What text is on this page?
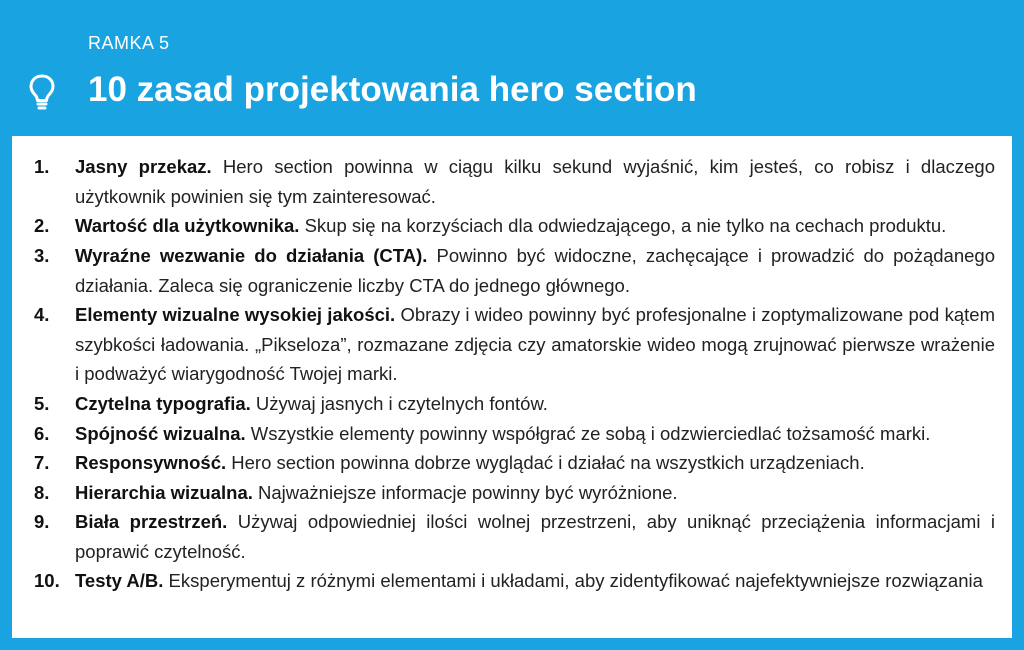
RAMKA 5
10 zasad projektowania hero section
1. Jasny przekaz. Hero section powinna w ciągu kilku sekund wyjaśnić, kim jesteś, co robisz i dlaczego użytkownik powinien się tym zainteresować.
2. Wartość dla użytkownika. Skup się na korzyściach dla odwiedzającego, a nie tylko na cechach produktu.
3. Wyraźne wezwanie do działania (CTA). Powinno być widoczne, zachęcające i prowadzić do pożądanego działania. Zaleca się ograniczenie liczby CTA do jednego głównego.
4. Elementy wizualne wysokiej jakości. Obrazy i wideo powinny być profesjonalne i zoptymalizowane pod kątem szybkości ładowania. „Pikseloza”, rozmazane zdjęcia czy amatorskie wideo mogą zrujnować pierwsze wrażenie i podważyć wiarygodność Twojej marki.
5. Czytelna typografia. Używaj jasnych i czytelnych fontów.
6. Spójność wizualna. Wszystkie elementy powinny współgrać ze sobą i odzwierciedlać tożsamość marki.
7. Responsywność. Hero section powinna dobrze wyglądać i działać na wszystkich urządzeniach.
8. Hierarchia wizualna. Najważniejsze informacje powinny być wyróżnione.
9. Biała przestrzeń. Używaj odpowiedniej ilości wolnej przestrzeni, aby uniknąć przeciążenia informacjami i poprawić czytelność.
10. Testy A/B. Eksperymentuj z różnymi elementami i układami, aby zidentyfikować najefektywniejsze rozwiązania
